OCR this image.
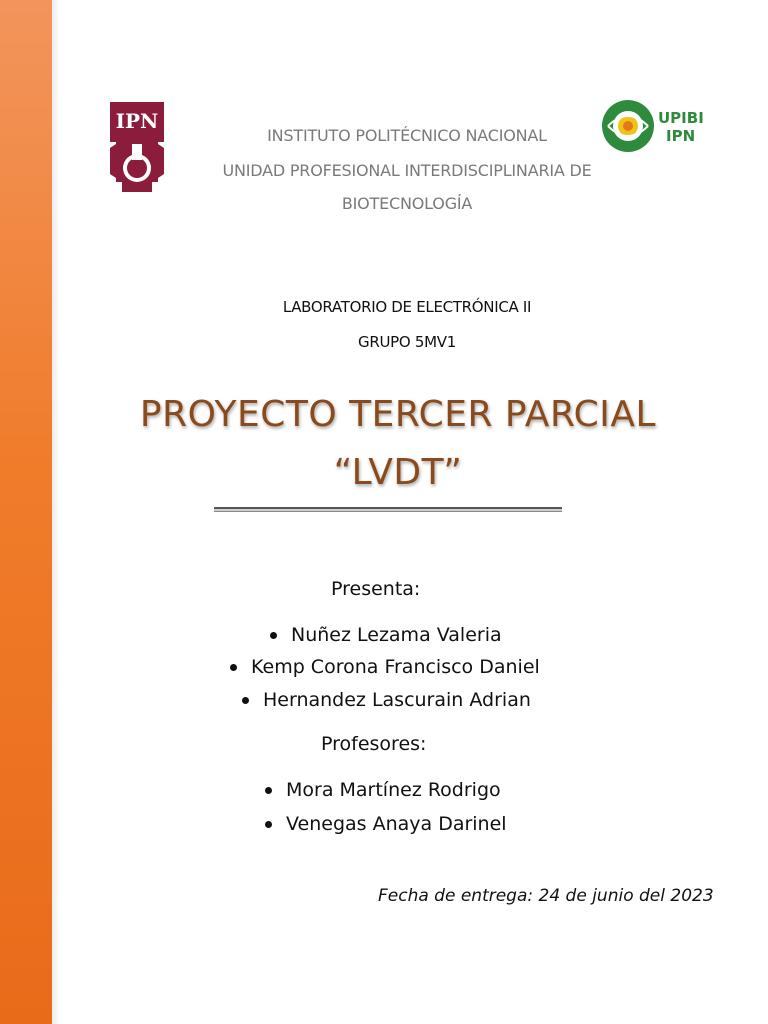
IPN	UPIBI
IPN
INSTITUTO POLITÉCNICO NACIONAL
UNIDAD PROFESIONAL INTERDISCIPLINARIA DE
BIOTECNOLOGÍA
LABORATORIO DE ELECTRÓNICA II
GRUPO 5MV1
PROYECTO TERCER PARCIAL
“LVDT”
Presenta:
Nuñez Lezama Valeria
Kemp Corona Francisco Daniel
Hernandez Lascurain Adrian
Profesores:
Mora Martínez Rodrigo
Venegas Anaya Darinel
Fecha de entrega: 24 de junio del 2023
